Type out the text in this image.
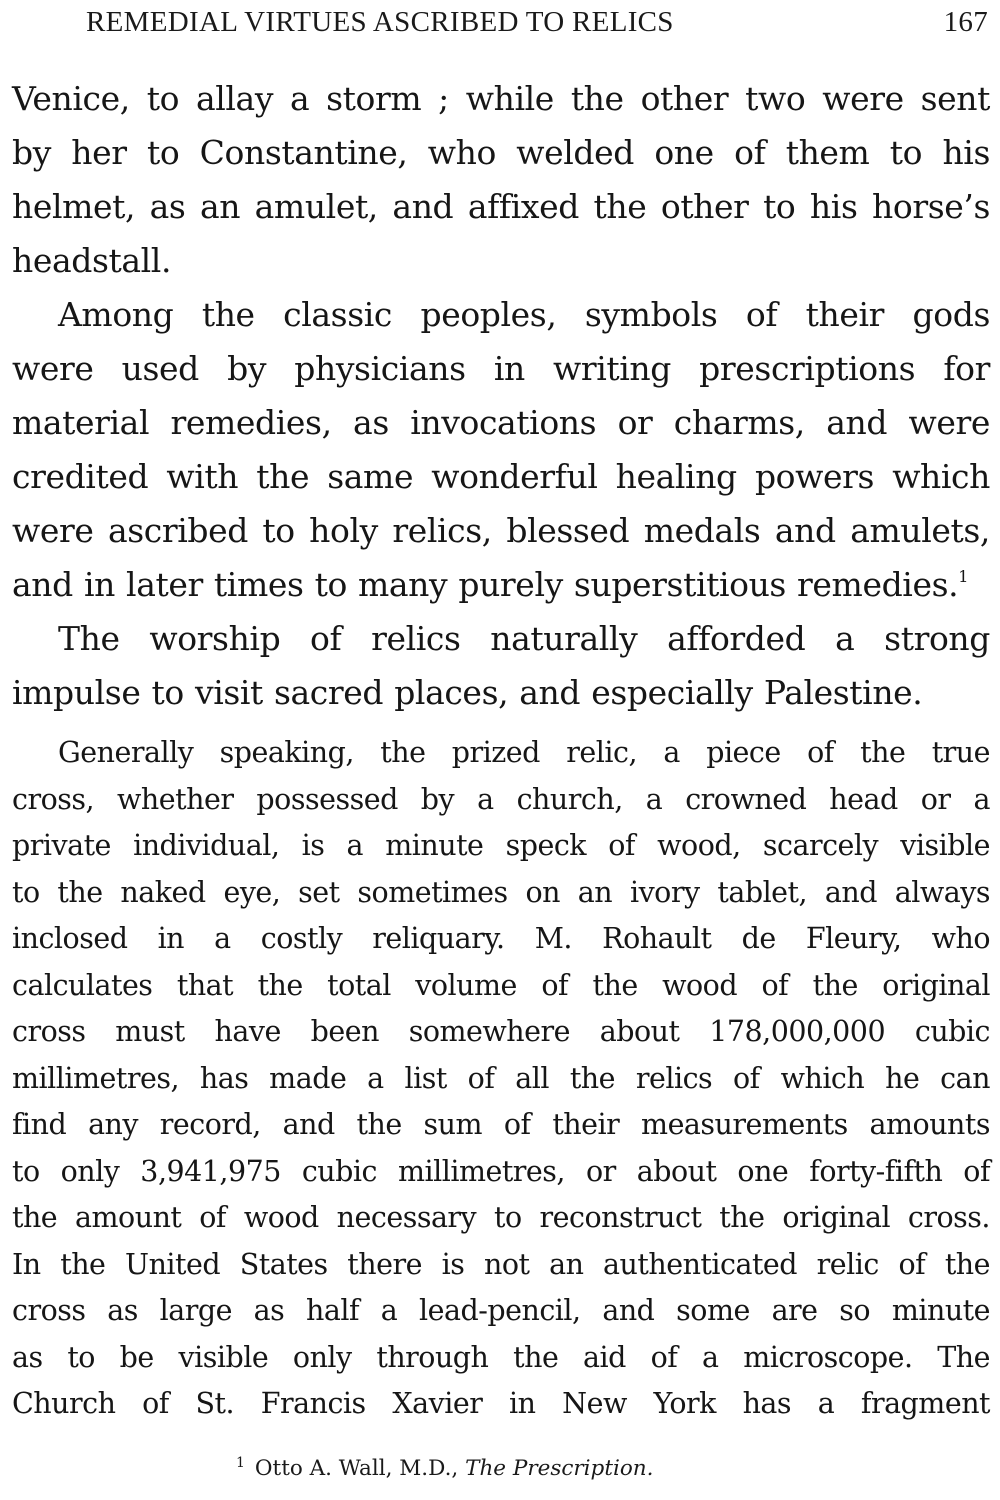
REMEDIAL VIRTUES ASCRIBED TO RELICS	167
Venice, to allay a storm ; while the other two were sent
by her to Constantine, who welded one of them to his
helmet, as an amulet, and affixed the other to his horse’s
headstall.
Among the classic peoples, symbols of their gods
were used by physicians in writing prescriptions for
material remedies, as invocations or charms, and were
credited with the same wonderful healing powers which
were ascribed to holy relics, blessed medals and amulets,
and in later times to many purely superstitious remedies.$^1$
The worship of relics naturally afforded a strong
impulse to visit sacred places, and especially Palestine.
Generally speaking, the prized relic, a piece of the true
cross, whether possessed by a church, a crowned head or a
private individual, is a minute speck of wood, scarcely visible
to the naked eye, set sometimes on an ivory tablet, and always
inclosed in a costly reliquary. M. Rohault de Fleury, who
calculates that the total volume of the wood of the original
cross must have been somewhere about 178,000,000 cubic
millimetres, has made a list of all the relics of which he can
find any record, and the sum of their measurements amounts
to only 3,941,975 cubic millimetres, or about one forty-fifth of
the amount of wood necessary to reconstruct the original cross.
In the United States there is not an authenticated relic of the
cross as large as half a lead-pencil, and some are so minute
as to be visible only through the aid of a microscope. The
Church of St. Francis Xavier in New York has a fragment
$^1$ Otto A. Wall, M.D., The Prescription.
